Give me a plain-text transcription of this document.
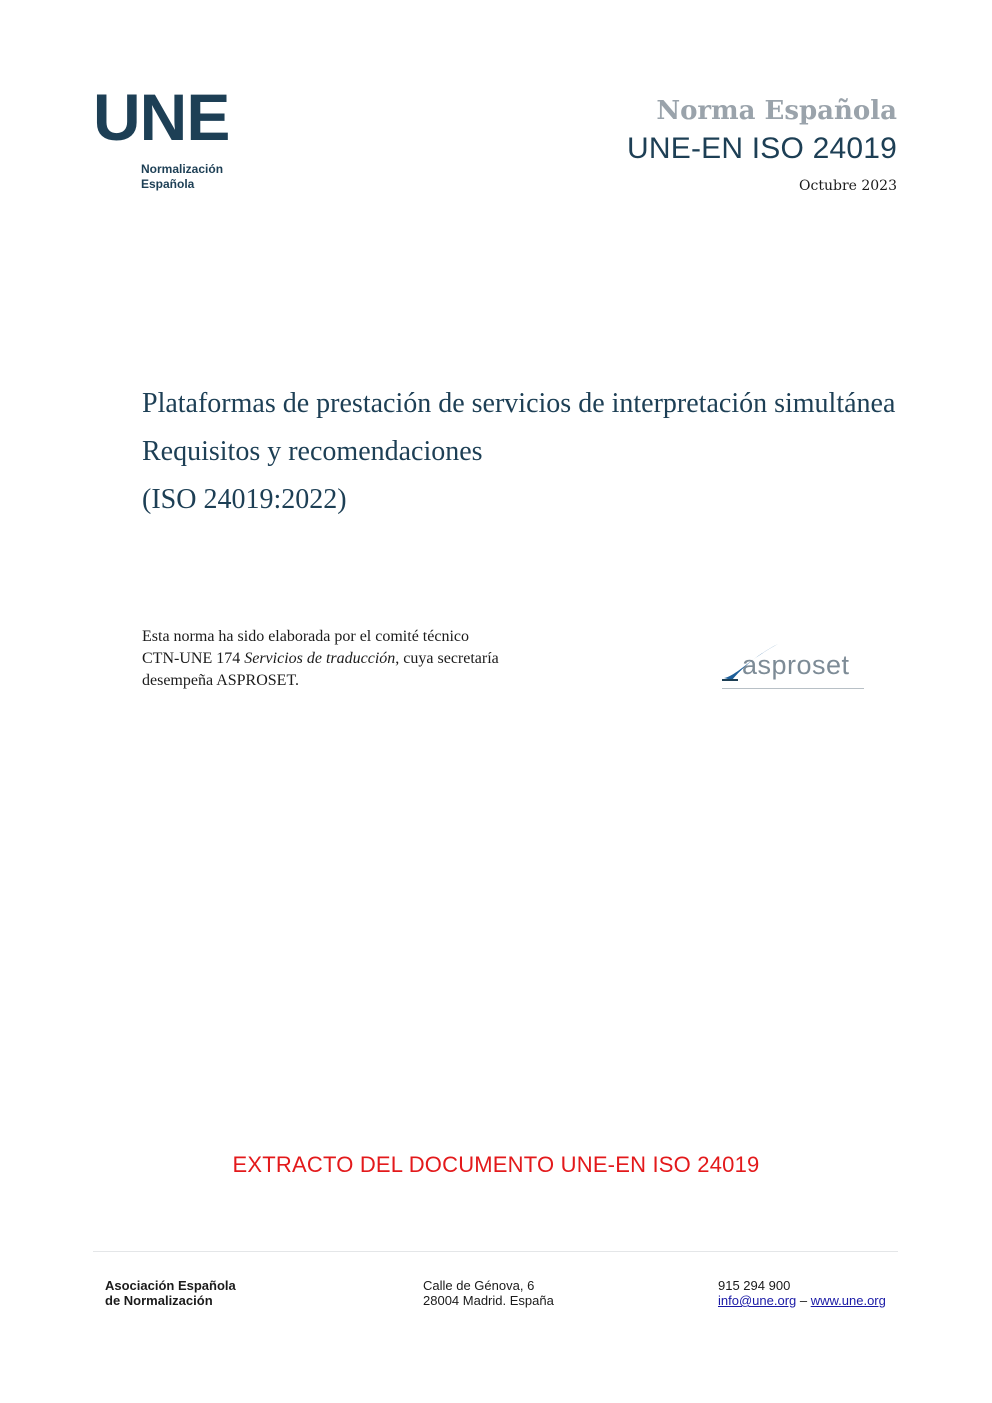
UNE
Normalización
Española
Norma Española
UNE-EN ISO 24019
Octubre 2023

Plataformas de prestación de servicios de interpretación simultánea

Requisitos y recomendaciones

(ISO 24019:2022)

Esta norma ha sido elaborada por el comité técnico
CTN-UNE 174 Servicios de traducción, cuya secretaría
desempeña ASPROSET.
asproset
EXTRACTO DEL DOCUMENTO UNE-EN ISO 24019
Asociación Española
de Normalización
Calle de Génova, 6
28004 Madrid. España
915 294 900
info@une.org – www.une.org
